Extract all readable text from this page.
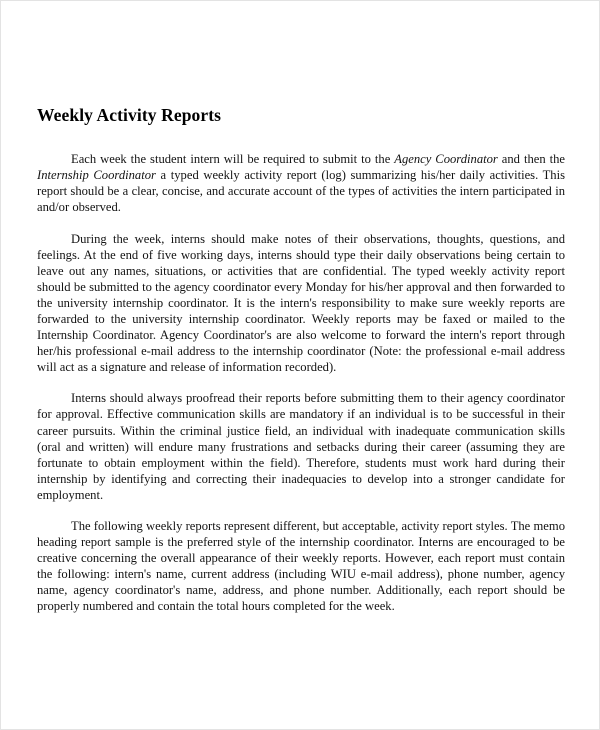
Weekly Activity Reports

Each week the student intern will be required to submit to the Agency Coordinator and then the Internship Coordinator a typed weekly activity report (log) summarizing his/her daily activities. This report should be a clear, concise, and accurate account of the types of activities the intern participated in and/or observed.

During the week, interns should make notes of their observations, thoughts, questions, and feelings. At the end of five working days, interns should type their daily observations being certain to leave out any names, situations, or activities that are confidential. The typed weekly activity report should be submitted to the agency coordinator every Monday for his/her approval and then forwarded to the university internship coordinator. It is the intern's responsibility to make sure weekly reports are forwarded to the university internship coordinator. Weekly reports may be faxed or mailed to the Internship Coordinator. Agency Coordinator's are also welcome to forward the intern's report through her/his professional e-mail address to the internship coordinator (Note: the professional e-mail address will act as a signature and release of information recorded).

Interns should always proofread their reports before submitting them to their agency coordinator for approval. Effective communication skills are mandatory if an individual is to be successful in their career pursuits. Within the criminal justice field, an individual with inadequate communication skills (oral and written) will endure many frustrations and setbacks during their career (assuming they are fortunate to obtain employment within the field). Therefore, students must work hard during their internship by identifying and correcting their inadequacies to develop into a stronger candidate for employment.

The following weekly reports represent different, but acceptable, activity report styles. The memo heading report sample is the preferred style of the internship coordinator. Interns are encouraged to be creative concerning the overall appearance of their weekly reports. However, each report must contain the following: intern's name, current address (including WIU e-mail address), phone number, agency name, agency coordinator's name, address, and phone number. Additionally, each report should be properly numbered and contain the total hours completed for the week.
